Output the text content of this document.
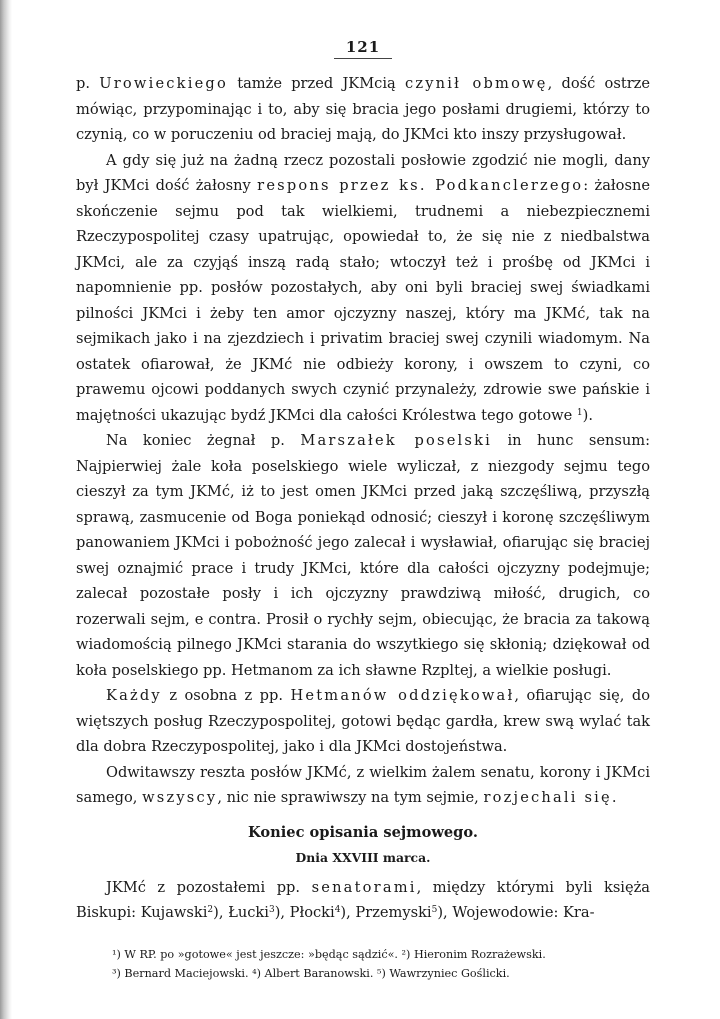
121

p. Urowieckiego tamże przed JKMcią czynił obmowę, dość ostrze mówiąc, przypominając i to, aby się bracia jego posłami drugiemi, którzy to czynią, co w poruczeniu od braciej mają, do JKMci kto inszy przysługował.

A gdy się już na żadną rzecz pozostali posłowie zgodzić nie mogli, dany był JKMci dość żałosny respons przez ks. Podkanclerzego: żałosne skończenie sejmu pod tak wielkiemi, trudnemi a niebezpiecznemi Rzeczypospolitej czasy upatrując, opowiedał to, że się nie z niedbalstwa JKMci, ale za czyjąś inszą radą stało; wtoczył też i prośbę od JKMci i napomnienie pp. posłów pozostałych, aby oni byli braciej swej świadkami pilności JKMci i żeby ten amor ojczyzny naszej, który ma JKMć, tak na sejmikach jako i na zjezdziech i privatim braciej swej czynili wiadomym. Na ostatek ofiarował, że JKMć nie odbieży korony, i owszem to czyni, co prawemu ojcowi poddanych swych czynić przynależy, zdrowie swe pańskie i majętności ukazując bydź JKMci dla całości Królestwa tego gotowe $^1$).

Na koniec żegnał p. Marszałek poselski in hunc sensum: Najpierwiej żale koła poselskiego wiele wyliczał, z niezgody sejmu tego cieszył za tym JKMć, iż to jest omen JKMci przed jaką szczęśliwą, przyszłą sprawą, zasmucenie od Boga poniekąd odnosić; cieszył i koronę szczęśliwym panowaniem JKMci i pobożność jego zalecał i wysławiał, ofiarując się braciej swej oznajmić prace i trudy JKMci, które dla całości ojczyzny podejmuje; zalecał pozostałe posły i ich ojczyzny prawdziwą miłość, drugich, co rozerwali sejm, e contra. Prosił o rychły sejm, obiecując, że bracia za takową wiadomością pilnego JKMci starania do wszytkiego się skłonią; dziękował od koła poselskiego pp. Hetmanom za ich sławne Rzpltej, a wielkie posługi.

Każdy z osobna z pp. Hetmanów oddziękował, ofiarując się, do więtszych posług Rzeczypospolitej, gotowi będąc gardła, krew swą wylać tak dla dobra Rzeczypospolitej, jako i dla JKMci dostojeństwa.

Odwitawszy reszta posłów JKMć, z wielkim żalem senatu, korony i JKMci samego, wszyscy, nic nie sprawiwszy na tym sejmie, rozjechali się.

Koniec opisania sejmowego.
Dnia XXVIII marca.

JKMć z pozostałemi pp. senatorami, między którymi byli księża Biskupi: Kujawski$^2$), Łucki$^3$), Płocki$^4$), Przemyski$^5$), Wojewodowie: Kra-

¹) W RP. po »gotowe« jest jeszcze: »będąc sądzić«. ²) Hieronim Rozrażewski.

³) Bernard Maciejowski. ⁴) Albert Baranowski. ⁵) Wawrzyniec Goślicki.
